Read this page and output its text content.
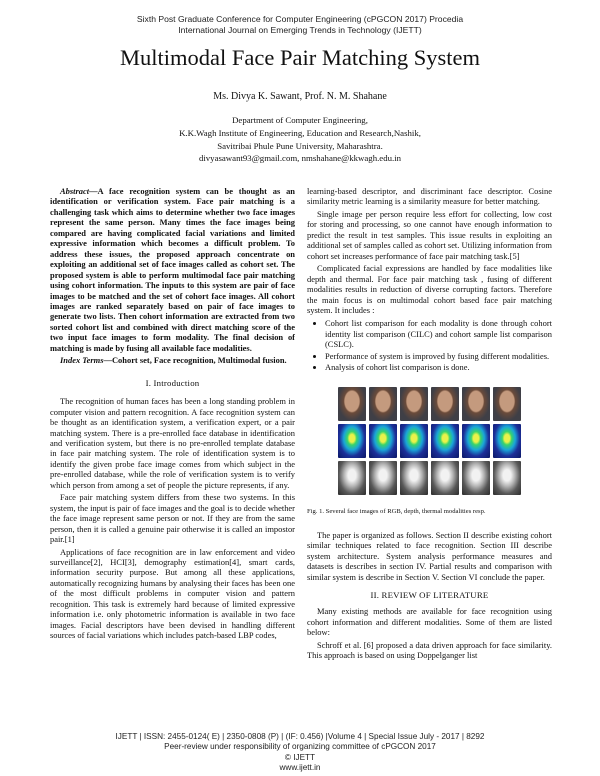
Sixth Post Graduate Conference for Computer Engineering (cPGCON 2017) Procedia
International Journal on Emerging Trends in Technology (IJETT)
Multimodal Face Pair Matching System
Ms. Divya K. Sawant, Prof. N. M. Shahane
Department of Computer Engineering,
K.K.Wagh Institute of Engineering, Education and Research,Nashik,
Savitribai Phule Pune University, Maharashtra.
divyasawant93@gmail.com, nmshahane@kkwagh.edu.in

Abstract—A face recognition system can be thought as an identification or verification system. Face pair matching is a challenging task which aims to determine whether two face images represent the same person. Many times the face images being compared are having complicated facial variations and limited expressive information which becomes a difficult problem. To address these issues, the proposed approach concentrate on exploiting an additional set of face images called as cohort set. The proposed system is able to perform multimodal face pair matching using cohort information. The inputs to this system are pair of face images to be matched and the set of cohort face images. All cohort images are ranked separately based on pair of face images to generate two lists. Then cohort information are extracted from two sorted cohort list and combined with direct matching score of the two input face images to form modality. The final decision of matching is made by fusing all available face modalities.

Index Terms—Cohort set, Face recognition, Multimodal fusion.

I. Introduction

The recognition of human faces has been a long standing problem in computer vision and pattern recognition. A face recognition system can be thought as an identification system, a verification expert, or a pair matching system. There is a pre-enrolled face database in identification and verification system, but there is no pre-enrolled template database in face pair matching system. The role of identification system is to identify the given probe face image comes from which subject in the pre-enrolled database, while the role of verification system is to verify which person from among a set of people the picture represents, if any.

Face pair matching system differs from these two systems. In this system, the input is pair of face images and the goal is to decide whether the face image represent same person or not. If they are from the same person, then it is called a genuine pair otherwise it is called an impostor pair.[1]

Applications of face recognition are in law enforcement and video surveillance[2], HCI[3], demography estimation[4], smart cards, information security purpose. But among all these applications, automatically recognizing humans by analysing their faces has been one of the most difficult problems in computer vision and pattern recognition. This task is extremely hard because of limited expressive information i.e. only photometric information is available in two face images. Facial descriptors have been devised in handling different sources of facial variations which includes patch-based LBP codes,

learning-based descriptor, and discriminant face descriptor. Cosine similarity metric learning is a similarity measure for better matching.

Single image per person require less effort for collecting, low cost for storing and processing, so one cannot have enough information to predict the result in test samples. This issue results in exploiting an additional set of samples called as cohort set. Utilizing information from cohort set increases performance of face pair matching task.[5]

Complicated facial expressions are handled by face modalities like depth and thermal. For face pair matching task , fusing of different modalities results in reduction of diverse corrupting factors. Therefore the main focus is on multimodal cohort based face pair matching system. It includes :

• Cohort list comparison for each modality is done through cohort identity list comparison (CILC) and cohort sample list comparison (CSLC).
• Performance of system is improved by fusing different modalities.
• Analysis of cohort list comparison is done.
Fig. 1. Several face images of RGB, depth, thermal modalities resp.

The paper is organized as follows. Section II describe existing cohort similar techniques related to face recognition. Section III describe system architecture. System analysis performance measures and datasets is describes in section IV. Partial results and comparison with similar system is describe in Section V. Section VI conclude the paper.

II. REVIEW OF LITERATURE

Many existing methods are available for face recognition using cohort information and different modalities. Some of them are listed below:

Schroff et al. [6] proposed a data driven approach for face similarity. This approach is based on using Doppelganger list

IJETT | ISSN: 2455-0124( E) | 2350-0808 (P) | (IF: 0.456) |Volume 4 | Special Issue July - 2017 | 8292
Peer-review under responsibility of organizing committee of cPGCON 2017
© IJETT
www.ijett.in
